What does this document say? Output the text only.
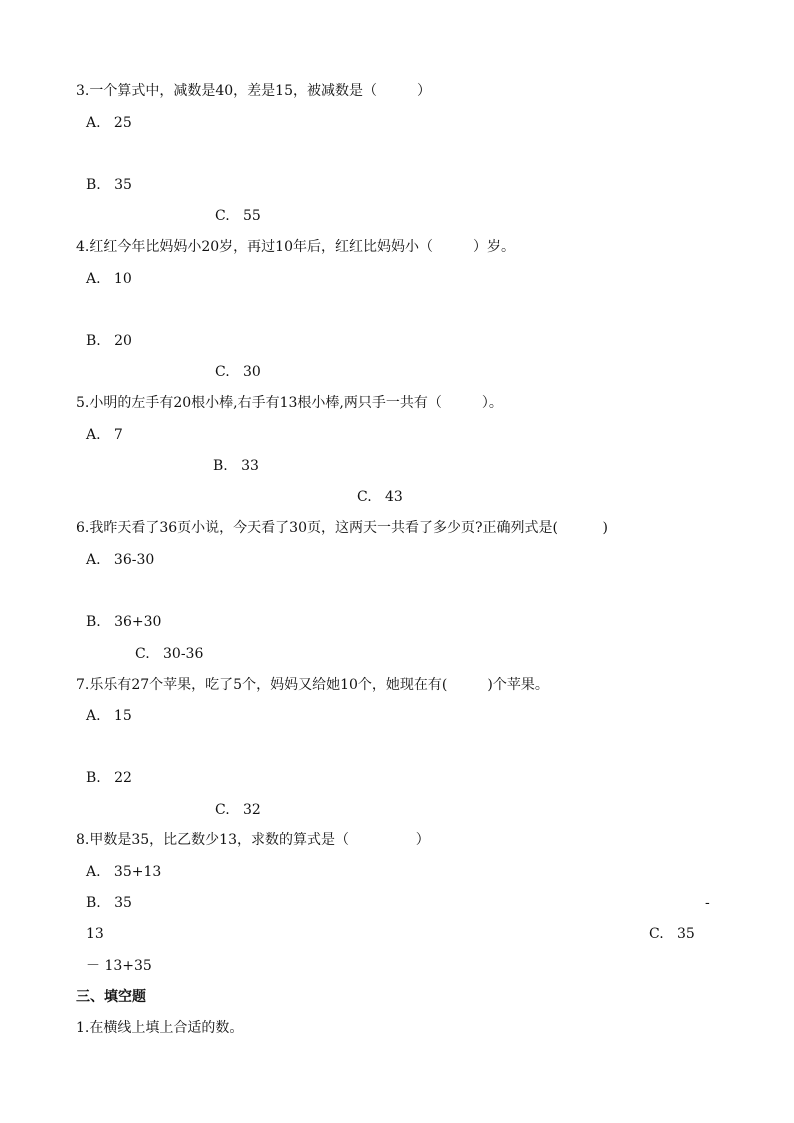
3.一个算式中，减数是40，差是15，被减数是（         ）
A.   25
B.   35
C.   55
4.红红今年比妈妈小20岁，再过10年后，红红比妈妈小（         ）岁。
A.   10
B.   20
C.   30
5.小明的左手有20根小棒,右手有13根小棒,两只手一共有（         ）。
A.   7
B.   33
C.   43
6.我昨天看了36页小说，今天看了30页，这两天一共看了多少页?正确列式是(          )
A.   36-30
B.   36+30
C.   30-36
7.乐乐有27个苹果，吃了5个，妈妈又给她10个，她现在有(         )个苹果。
A.   15
B.   22
C.   32
8.甲数是35，比乙数少13，求数的算式是（               ）
A.   35+13
B.   35	-
13	C.   35
－ 13+35
三、填空题
1.在横线上填上合适的数。
